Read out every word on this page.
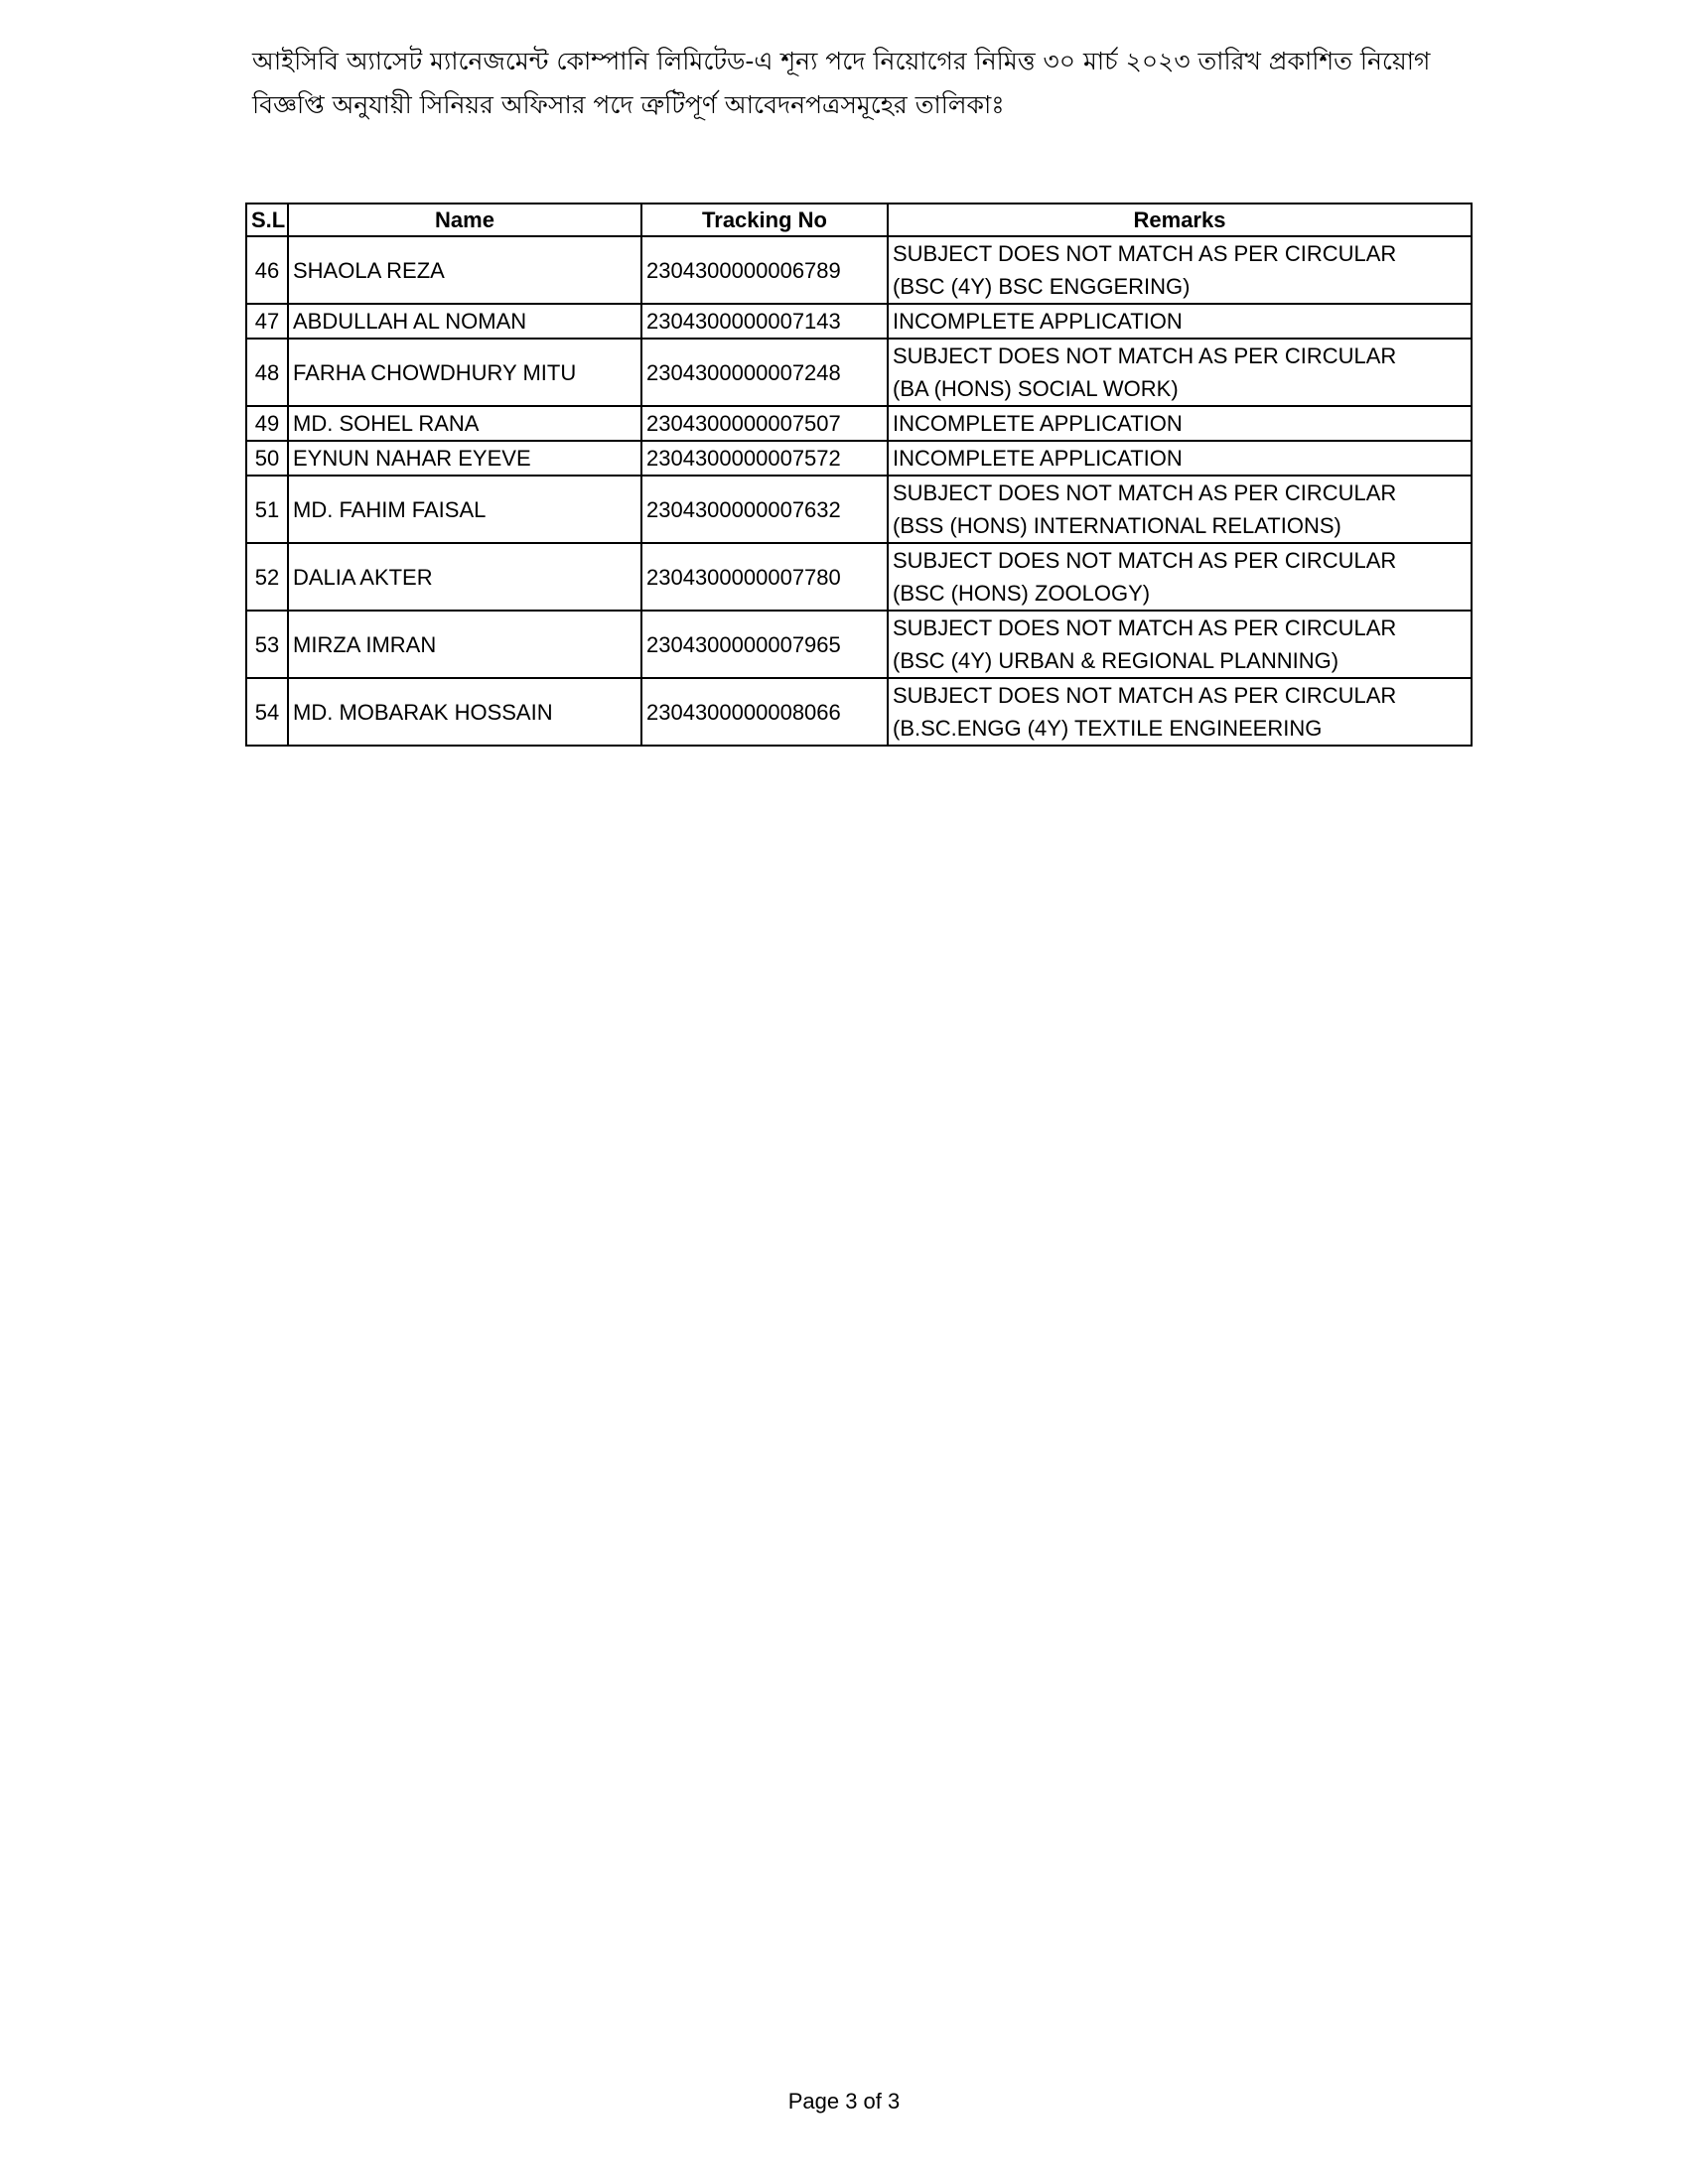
আইসিবি অ্যাসেট ম্যানেজমেন্ট কোম্পানি লিমিটেড-এ শূন্য পদে নিয়োগের নিমিত্ত ৩০ মার্চ ২০২৩ তারিখ প্রকাশিত নিয়োগ
বিজ্ঞপ্তি অনুযায়ী সিনিয়র অফিসার পদে ত্রুটিপূর্ণ আবেদনপত্রসমূহের তালিকাঃ
S.L	Name	Tracking No	Remarks
46	SHAOLA REZA	2304300000006789	SUBJECT DOES NOT MATCH AS PER CIRCULAR
(BSC (4Y) BSC ENGGERING)

47	ABDULLAH AL NOMAN	2304300000007143	INCOMPLETE APPLICATION

48	FARHA CHOWDHURY MITU	2304300000007248	SUBJECT DOES NOT MATCH AS PER CIRCULAR
(BA (HONS) SOCIAL WORK)

49	MD. SOHEL RANA	2304300000007507	INCOMPLETE APPLICATION

50	EYNUN NAHAR EYEVE	2304300000007572	INCOMPLETE APPLICATION

51	MD. FAHIM FAISAL	2304300000007632	SUBJECT DOES NOT MATCH AS PER CIRCULAR
(BSS (HONS) INTERNATIONAL RELATIONS)

52	DALIA AKTER	2304300000007780	SUBJECT DOES NOT MATCH AS PER CIRCULAR
(BSC (HONS) ZOOLOGY)

53	MIRZA IMRAN	2304300000007965	SUBJECT DOES NOT MATCH AS PER CIRCULAR
(BSC (4Y) URBAN & REGIONAL PLANNING)

54	MD. MOBARAK HOSSAIN	2304300000008066	SUBJECT DOES NOT MATCH AS PER CIRCULAR
(B.SC.ENGG (4Y) TEXTILE ENGINEERING
Page 3 of 3
